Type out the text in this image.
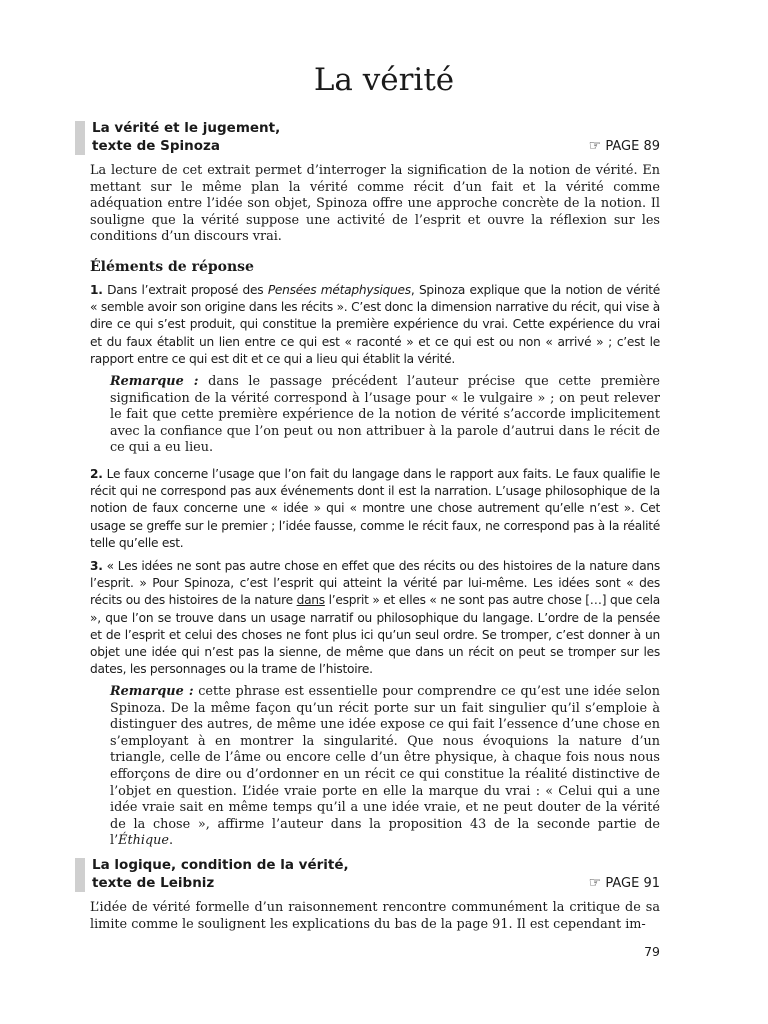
La vérité
La vérité et le jugement,
texte de Spinoza	☞ PAGE 89

La lecture de cet extrait permet d’interroger la signification de la notion de vérité. En mettant sur le même plan la vérité comme récit d’un fait et la vérité comme adéquation entre l’idée son objet, Spinoza offre une approche concrète de la notion. Il souligne que la vérité suppose une activité de l’esprit et ouvre la réflexion sur les conditions d’un discours vrai.

Éléments de réponse

1. Dans l’extrait proposé des Pensées métaphysiques, Spinoza explique que la notion de vérité « semble avoir son origine dans les récits ». C’est donc la dimension narrative du récit, qui vise à dire ce qui s’est produit, qui constitue la première expérience du vrai. Cette expérience du vrai et du faux établit un lien entre ce qui est « raconté » et ce qui est ou non « arrivé » ; c’est le rapport entre ce qui est dit et ce qui a lieu qui établit la vérité.

Remarque : dans le passage précédent l’auteur précise que cette première signification de la vérité correspond à l’usage pour « le vulgaire » ; on peut relever le fait que cette première expérience de la notion de vérité s’accorde implicitement avec la confiance que l’on peut ou non attribuer à la parole d’autrui dans le récit de ce qui a eu lieu.

2. Le faux concerne l’usage que l’on fait du langage dans le rapport aux faits. Le faux qualifie le récit qui ne correspond pas aux événements dont il est la narration. L’usage philosophique de la notion de faux concerne une « idée » qui « montre une chose autrement qu’elle n’est ». Cet usage se greffe sur le premier ; l’idée fausse, comme le récit faux, ne correspond pas à la réalité telle qu’elle est.

3. « Les idées ne sont pas autre chose en effet que des récits ou des histoires de la nature dans l’esprit. » Pour Spinoza, c’est l’esprit qui atteint la vérité par lui-même. Les idées sont « des récits ou des histoires de la nature dans l’esprit » et elles « ne sont pas autre chose […] que cela », que l’on se trouve dans un usage narratif ou philosophique du langage. L’ordre de la pensée et de l’esprit et celui des choses ne font plus ici qu’un seul ordre. Se tromper, c’est donner à un objet une idée qui n’est pas la sienne, de même que dans un récit on peut se tromper sur les dates, les personnages ou la trame de l’histoire.

Remarque : cette phrase est essentielle pour comprendre ce qu’est une idée selon Spinoza. De la même façon qu’un récit porte sur un fait singulier qu’il s’emploie à distinguer des autres, de même une idée expose ce qui fait l’essence d’une chose en s’employant à en montrer la singularité. Que nous évoquions la nature d’un triangle, celle de l’âme ou encore celle d’un être physique, à chaque fois nous nous efforçons de dire ou d’ordonner en un récit ce qui constitue la réalité distinctive de l’objet en question. L’idée vraie porte en elle la marque du vrai : « Celui qui a une idée vraie sait en même temps qu’il a une idée vraie, et ne peut douter de la vérité de la chose », affirme l’auteur dans la proposition 43 de la seconde partie de l’Éthique.

La logique, condition de la vérité,
texte de Leibniz	☞ PAGE 91

L’idée de vérité formelle d’un raisonnement rencontre communément la critique de sa limite comme le soulignent les explications du bas de la page 91. Il est cependant im-

79
